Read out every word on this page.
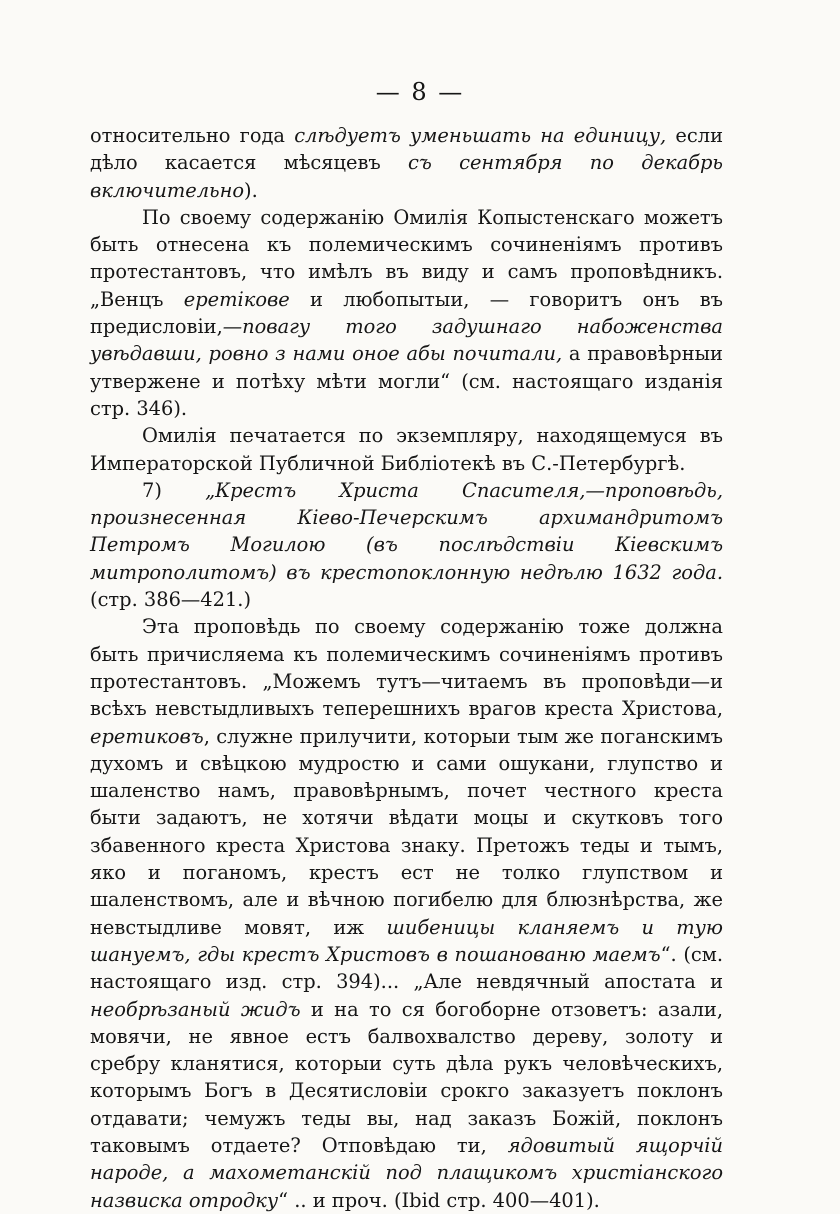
— 8 —

относительно года слѣдуетъ уменьшать на единицу, если дѣло касается мѣсяцевъ съ сентября по декабрь включительно).

По своему содержанію Омилія Копыстенскаго можетъ быть отнесена къ полемическимъ сочиненіямъ противъ протестантовъ, что имѣлъ въ виду и самъ проповѣдникъ. „Венцъ еретікове и любопытыи, — говоритъ онъ въ предисловіи,—повагу того задушнаго набоженства увѣдавши, ровно з нами оное абы почитали, а правовѣрныи утвержене и потѣху мѣти могли“ (см. настоящаго изданія стр. 346).

Омилія печатается по экземпляру, находящемуся въ Императорской Публичной Библіотекѣ въ С.-Петербургѣ.

7) „Крестъ Христа Спасителя,—проповѣдь, произнесенная Кіево-Печерскимъ архимандритомъ Петромъ Могилою (въ послѣдствіи Кіевскимъ митрополитомъ) въ крестопоклонную недѣлю 1632 года. (стр. 386—421.)

Эта проповѣдь по своему содержанію тоже должна быть причисляема къ полемическимъ сочиненіямъ противъ протестантовъ. „Можемъ тутъ—читаемъ въ проповѣди—и всѣхъ невстыдливыхъ теперешнихъ врагов креста Христова, еретиковъ, служне прилучити, которыи тым же поганскимъ духомъ и свѣцкою мудростю и сами ошукани, глупство и шаленство намъ, правовѣрнымъ, почет честного креста быти задаютъ, не хотячи вѣдати моцы и скутковъ того збавенного креста Христова знаку. Претожъ теды и тымъ, яко и поганомъ, крестъ ест не толко глупством и шаленствомъ, але и вѣчною погибелю для блюзнѣрства, же невстыдливе мовят, иж шибеницы кланяемъ и тую шануемъ, гды крестъ Христовъ в пошанованю маемъ“. (см. настоящаго изд. стр. 394)... „Але невдячный апостата и необрѣзаный жидъ и на то ся богоборне отзоветъ: азали, мовячи, не явное естъ балвохвалство дереву, золоту и сребру кланятися, которыи суть дѣла рукъ человѣческихъ, которымъ Богъ в Десятисловіи срокго заказуетъ поклонъ отдавати; чемужъ теды вы, над заказъ Божій, поклонъ таковымъ отдаете? Отповѣдаю ти, ядовитый ящорчій народе, а махометанскій под плащикомъ христіанского назвиска отродку“ .. и проч. (Ibid стр. 400—401).
